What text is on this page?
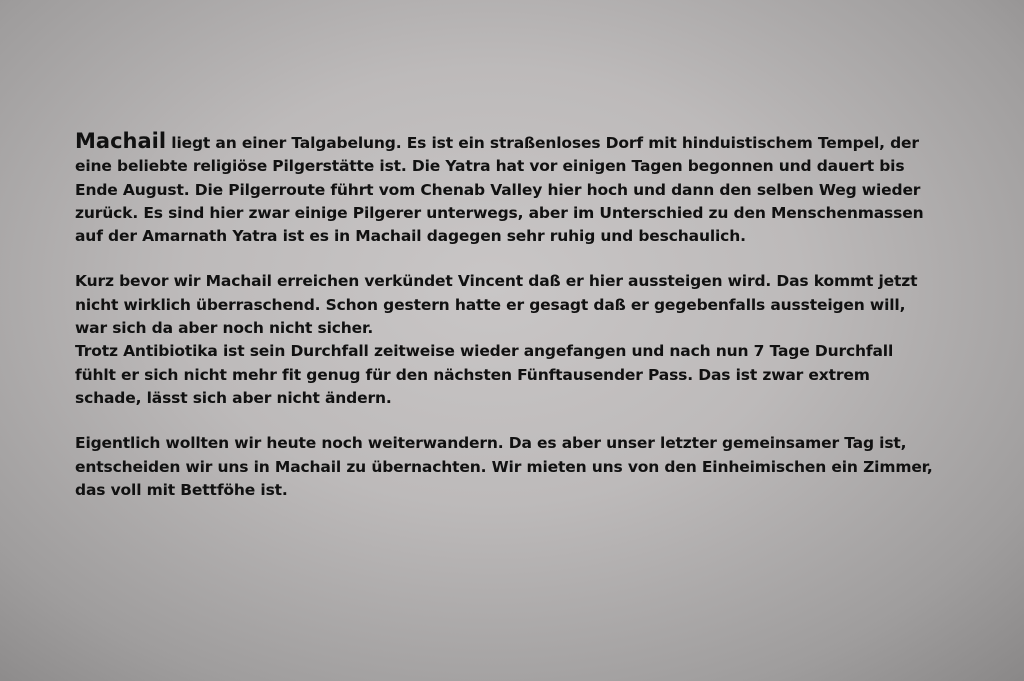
Machail liegt an einer Talgabelung. Es ist ein straßenloses Dorf mit hinduistischem Tempel, der eine beliebte religiöse Pilgerstätte ist. Die Yatra hat vor einigen Tagen begonnen und dauert bis Ende August. Die Pilgerroute führt vom Chenab Valley hier hoch und dann den selben Weg wieder zurück. Es sind hier zwar einige Pilgerer unterwegs, aber im Unterschied zu den Menschenmassen auf der Amarnath Yatra ist es in Machail dagegen sehr ruhig und beschaulich.

Kurz bevor wir Machail erreichen verkündet Vincent daß er hier aussteigen wird. Das kommt jetzt nicht wirklich überraschend. Schon gestern hatte er gesagt daß er gegebenfalls aussteigen will, war sich da aber noch nicht sicher.

Trotz Antibiotika ist sein Durchfall zeitweise wieder angefangen und nach nun 7 Tage Durchfall fühlt er sich nicht mehr fit genug für den nächsten Fünftausender Pass. Das ist zwar extrem schade, lässt sich aber nicht ändern.

Eigentlich wollten wir heute noch weiterwandern. Da es aber unser letzter gemeinsamer Tag ist, entscheiden wir uns in Machail zu übernachten. Wir mieten uns von den Einheimischen ein Zimmer, das voll mit Bettföhe ist.
